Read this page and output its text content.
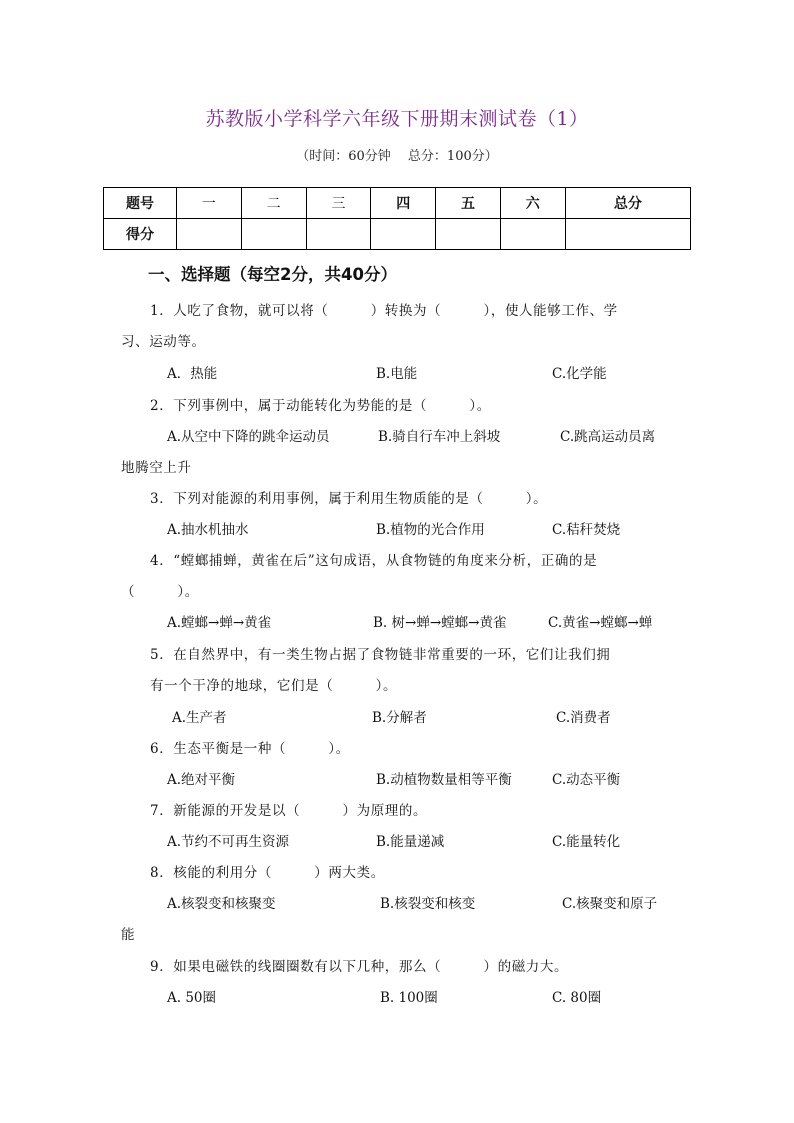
苏教版小学科学六年级下册期末测试卷（1）
（时间：60分钟　 总分：100分）
题号	一	二	三	四	五	六	总分
得分							
一、选择题（每空2分，共40分）
1．人吃了食物，就可以将（　　　）转换为（　　　），使人能够工作、学
习、运动等。
A．热能	B.电能	C.化学能
2．下列事例中，属于动能转化为势能的是（　　　）。
A.从空中下降的跳伞运动员	B.骑自行车冲上斜坡	C.跳高运动员离
地腾空上升
3．下列对能源的利用事例，属于利用生物质能的是（　　　）。
A.抽水机抽水	B.植物的光合作用	C.秸秆焚烧
4．“螳螂捕蝉，黄雀在后”这句成语，从食物链的角度来分析，正确的是
（　　　）。
A.螳螂→蝉→黄雀	B. 树→蝉→螳螂→黄雀	C.黄雀→螳螂→蝉
5．在自然界中，有一类生物占据了食物链非常重要的一环，它们让我们拥
有一个干净的地球，它们是（　　　）。
A.生产者	B.分解者	C.消费者
6．生态平衡是一种（　　　）。
A.绝对平衡	B.动植物数量相等平衡	C.动态平衡
7．新能源的开发是以（　　　）为原理的。
A.节约不可再生资源	B.能量递减	C.能量转化
8．核能的利用分（　　　）两大类。
A.核裂变和核聚变	B.核裂变和核变	C.核聚变和原子
能
9．如果电磁铁的线圈圈数有以下几种，那么（　　　）的磁力大。
A. 50圈	B. 100圈	C. 80圈
